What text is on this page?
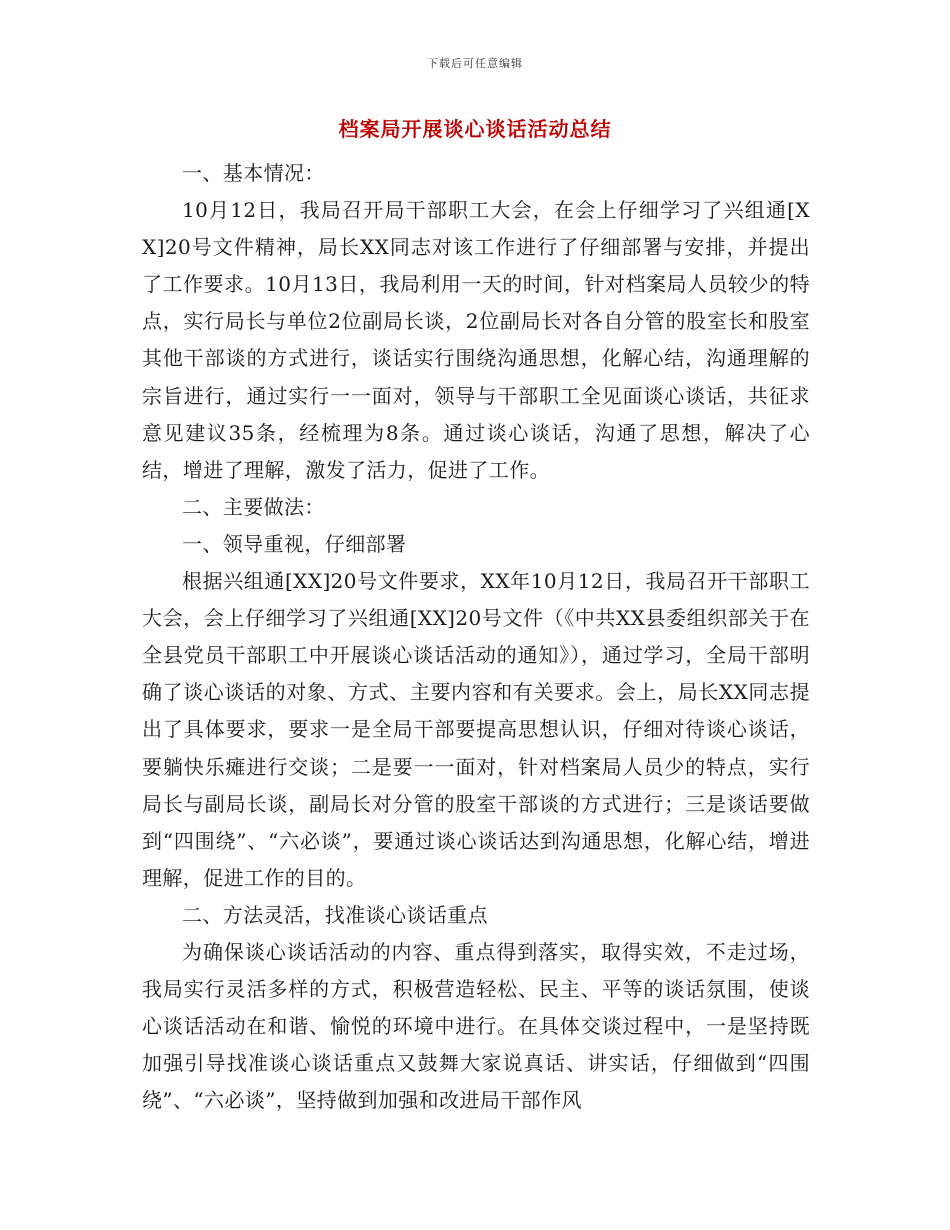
下载后可任意编辑
档案局开展谈心谈话活动总结

一、基本情况：

10月12日，我局召开局干部职工大会，在会上仔细学习了兴组通[XX]20号文件精神，局长XX同志对该工作进行了仔细部署与安排，并提出了工作要求。10月13日，我局利用一天的时间，针对档案局人员较少的特点，实行局长与单位2位副局长谈，2位副局长对各自分管的股室长和股室其他干部谈的方式进行，谈话实行围绕沟通思想，化解心结，沟通理解的宗旨进行，通过实行一一面对，领导与干部职工全见面谈心谈话，共征求意见建议35条，经梳理为8条。通过谈心谈话，沟通了思想，解决了心结，增进了理解，激发了活力，促进了工作。

二、主要做法：

一、领导重视，仔细部署

根据兴组通[XX]20号文件要求，XX年10月12日，我局召开干部职工大会，会上仔细学习了兴组通[XX]20号文件（《中共XX县委组织部关于在全县党员干部职工中开展谈心谈话活动的通知》），通过学习，全局干部明确了谈心谈话的对象、方式、主要内容和有关要求。会上，局长XX同志提出了具体要求，要求一是全局干部要提高思想认识，仔细对待谈心谈话，要躺快乐瘫进行交谈；二是要一一面对，针对档案局人员少的特点，实行局长与副局长谈，副局长对分管的股室干部谈的方式进行；三是谈话要做到“四围绕”、“六必谈”，要通过谈心谈话达到沟通思想，化解心结，增进理解，促进工作的目的。

二、方法灵活，找准谈心谈话重点

为确保谈心谈话活动的内容、重点得到落实，取得实效，不走过场，我局实行灵活多样的方式，积极营造轻松、民主、平等的谈话氛围，使谈心谈话活动在和谐、愉悦的环境中进行。在具体交谈过程中，一是坚持既加强引导找准谈心谈话重点又鼓舞大家说真话、讲实话，仔细做到“四围绕”、“六必谈”，坚持做到加强和改进局干部作风
